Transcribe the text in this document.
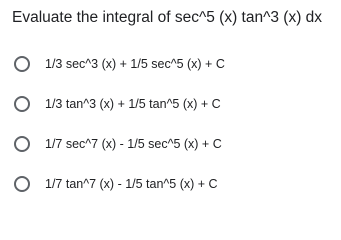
Evaluate the integral of sec^5 (x) tan^3 (x) dx
1/3 sec^3 (x) + 1/5 sec^5 (x) + C
1/3 tan^3 (x) + 1/5 tan^5 (x) + C
1/7 sec^7 (x) - 1/5 sec^5 (x) + C
1/7 tan^7 (x) - 1/5 tan^5 (x) + C
